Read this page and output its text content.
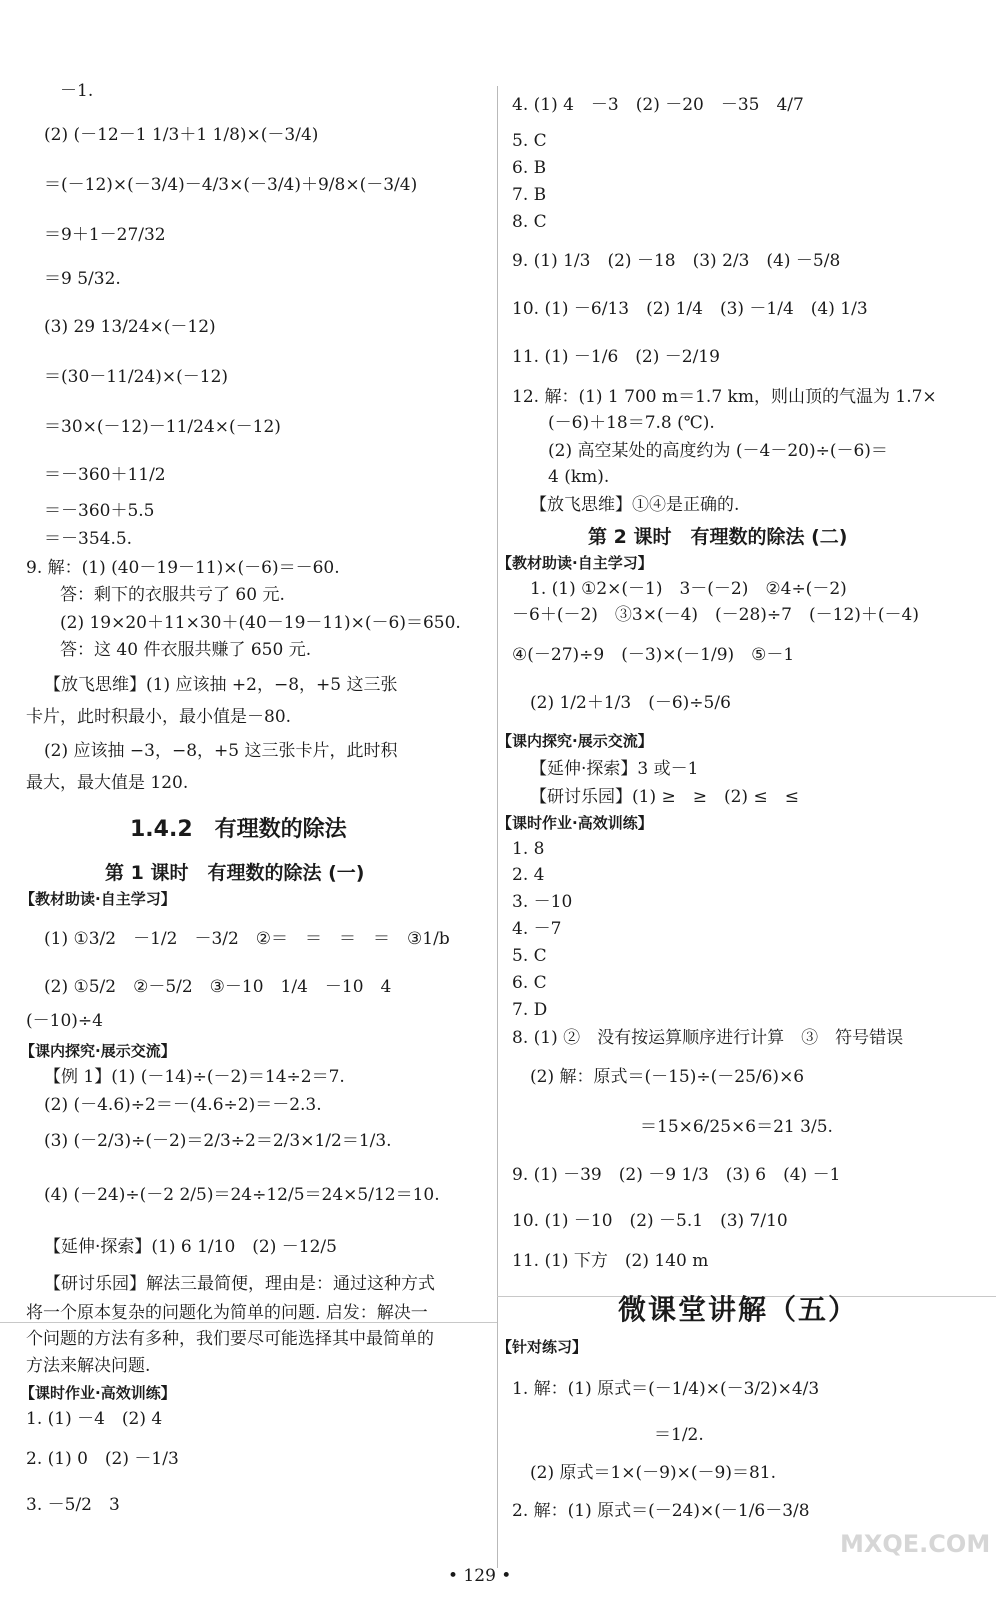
－1.
(2) (－12－1 1/3＋1 1/8)×(－3/4)
＝(－12)×(－3/4)－4/3×(－3/4)＋9/8×(－3/4)
＝9＋1－27/32
＝9 5/32.
(3) 29 13/24×(－12)
＝(30－11/24)×(－12)
＝30×(－12)－11/24×(－12)
＝－360＋11/2
＝－360＋5.5
＝－354.5.
9. 解：(1) (40－19－11)×(－6)＝－60.
答：剩下的衣服共亏了 60 元.
(2) 19×20＋11×30＋(40－19－11)×(－6)＝650.
答：这 40 件衣服共赚了 650 元.
【放飞思维】(1) 应该抽 +2，−8，+5 这三张
卡片，此时积最小，最小值是－80.
(2) 应该抽 −3，−8，+5 这三张卡片，此时积
最大，最大值是 120.
1.4.2　有理数的除法
第 1 课时　有理数的除法 (一)
【教材助读·自主学习】
(1) ①3/2　－1/2　－3/2　②＝　＝　＝　＝　③1/b
(2) ①5/2　②－5/2　③－10　1/4　－10　4
(－10)÷4
【课内探究·展示交流】
【例 1】(1) (－14)÷(－2)＝14÷2＝7.
(2) (－4.6)÷2＝－(4.6÷2)＝－2.3.
(3) (－2/3)÷(－2)＝2/3÷2＝2/3×1/2＝1/3.
(4) (－24)÷(－2 2/5)＝24÷12/5＝24×5/12＝10.
【延伸·探索】(1) 6 1/10　(2) －12/5
【研讨乐园】解法三最简便，理由是：通过这种方式
将一个原本复杂的问题化为简单的问题. 启发：解决一
个问题的方法有多种，我们要尽可能选择其中最简单的
方法来解决问题.
【课时作业·高效训练】
1. (1) －4　(2) 4
2. (1) 0　(2) －1/3
3. －5/2　3
4. (1) 4　－3　(2) －20　－35　4/7
5. C
6. B
7. B
8. C
9. (1) 1/3　(2) －18　(3) 2/3　(4) －5/8
10. (1) －6/13　(2) 1/4　(3) －1/4　(4) 1/3
11. (1) －1/6　(2) －2/19
12. 解：(1) 1 700 m＝1.7 km，则山顶的气温为 1.7×
(－6)＋18＝7.8 (℃).
(2) 高空某处的高度约为 (－4－20)÷(－6)＝
4 (km).
【放飞思维】①④是正确的.
第 2 课时　有理数的除法 (二)
【教材助读·自主学习】
1. (1) ①2×(－1)　3－(－2)　②4÷(－2)
－6＋(－2)　③3×(－4)　(－28)÷7　(－12)＋(－4)
④(－27)÷9　(－3)×(－1/9)　⑤－1
(2) 1/2＋1/3　(－6)÷5/6
【课内探究·展示交流】
【延伸·探索】3 或－1
【研讨乐园】(1) ≥　≥　(2) ≤　≤
【课时作业·高效训练】
1. 8
2. 4
3. －10
4. －7
5. C
6. C
7. D
8. (1) ②　没有按运算顺序进行计算　③　符号错误
(2) 解：原式＝(－15)÷(－25/6)×6
＝15×6/25×6＝21 3/5.
9. (1) －39　(2) －9 1/3　(3) 6　(4) －1
10. (1) －10　(2) －5.1　(3) 7/10
11. (1) 下方　(2) 140 m
微课堂讲解（五）
【针对练习】
1. 解：(1) 原式＝(－1/4)×(－3/2)×4/3
＝1/2.
(2) 原式＝1×(－9)×(－9)＝81.
2. 解：(1) 原式＝(－24)×(－1/6－3/8
• 129 •
MXQE.COM
